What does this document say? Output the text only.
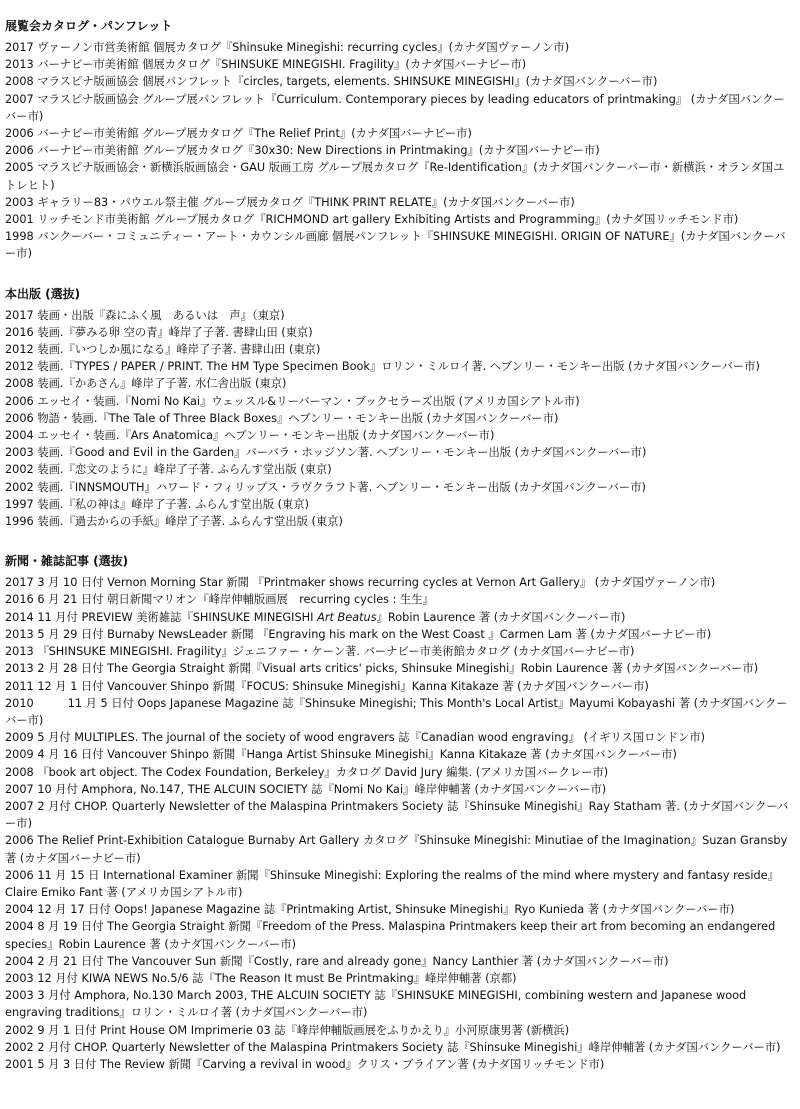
展覧会カタログ・パンフレット
2017 ヴァーノン市営美術館 個展カタログ『Shinsuke Minegishi: recurring cycles』(カナダ国ヴァーノン市)
2013 バーナビー市美術館 個展カタログ『SHINSUKE MINEGISHI. Fragility』(カナダ国バーナビー市)
2008 マラスピナ版画協会 個展パンフレット『circles, targets, elements. SHINSUKE MINEGISHI』(カナダ国バンクーバー市)
2007 マラスピナ版画協会 グループ展パンフレット『Curriculum. Contemporary pieces by leading educators of printmaking』 (カナダ国バンクーバー市)
2006 バーナビー市美術館 グループ展カタログ『The Relief Print』(カナダ国バーナビー市)
2006 バーナビー市美術館 グループ展カタログ『30x30: New Directions in Printmaking』(カナダ国バーナビー市)
2005 マラスピナ版画協会・新横浜版画協会・GAU 版画工房 グループ展カタログ『Re-Identification』(カナダ国バンクーバー市・新横浜・オランダ国ユトレヒト)
2003 ギャラリー83・パウエル祭主催 グループ展カタログ『THINK PRINT RELATE』(カナダ国バンクーバー市)
2001 リッチモンド市美術館 グループ展カタログ『RICHMOND art gallery Exhibiting Artists and Programming』(カナダ国リッチモンド市)
1998 バンクーバー・コミュニティー・アート・カウンシル画廊 個展パンフレット『SHINSUKE MINEGISHI. ORIGIN OF NATURE』(カナダ国バンクーバー市)
本出版 (選抜)
2017 装画・出版『森にふく風　あるいは　声』（東京)
2016 装画.『夢みる卵 空の青』峰岸了子著. 書肆山田 (東京)
2012 装画.『いつしか風になる』峰岸了子著. 書肆山田 (東京)
2012 装画.『TYPES / PAPER / PRINT. The HM Type Specimen Book』ロリン・ミルロイ著. ヘブンリー・モンキー出版 (カナダ国バンクーバー市)
2008 装画.『かあさん』峰岸了子著. 水仁舎出版 (東京)
2006 エッセイ・装画.『Nomi No Kai』ウェッスル&リーバーマン・ブックセラーズ出版 (アメリカ国シアトル市)
2006 物語・装画.『The Tale of Three Black Boxes』ヘブンリー・モンキー出版 (カナダ国バンクーバー市)
2004 エッセイ・装画.『Ars Anatomica』ヘブンリー・モンキー出版 (カナダ国バンクーバー市)
2003 装画.『Good and Evil in the Garden』バーバラ・ホッジソン著. ヘブンリー・モンキー出版 (カナダ国バンクーバー市)
2002 装画.『恋文のように』峰岸了子著. ふらんす堂出版 (東京)
2002 装画.『INNSMOUTH』ハワード・フィリップス・ラヴクラフト著. ヘブンリー・モンキー出版 (カナダ国バンクーバー市)
1997 装画.『私の神は』峰岸了子著. ふらんす堂出版 (東京)
1996 装画.『過去からの手紙』峰岸了子著. ふらんす堂出版 (東京)
新聞・雑誌記事 (選抜)
2017 3 月 10 日付 Vernon Morning Star 新聞 『Printmaker shows recurring cycles at Vernon Art Gallery』 (カナダ国ヴァーノン市)
2016 6 月 21 日付 朝日新聞マリオン『峰岸伸輔版画展　recurring cycles : 生生』
2014 11 月付 PREVIEW 美術雑誌『SHINSUKE MINEGISHI Art Beatus』Robin Laurence 著 (カナダ国バンクーバー市)
2013 5 月 29 日付 Burnaby NewsLeader 新聞 『Engraving his mark on the West Coast 』Carmen Lam 著 (カナダ国バーナビー市)
2013 『SHINSUKE MINEGISHI. Fragility』ジェニファー・ケーン著. バーナビー市美術館カタログ (カナダ国バーナビー市)
2013 2 月 28 日付 The Georgia Straight 新聞『Visual arts critics' picks, Shinsuke Minegishi』Robin Laurence 著 (カナダ国バンクーバー市)
2011 12 月 1 日付 Vancouver Shinpo 新聞『FOCUS: Shinsuke Minegishi』Kanna Kitakaze 著 (カナダ国バンクーバー市)
2010　　　11 月 5 日付 Oops Japanese Magazine 誌『Shinsuke Minegishi; This Month's Local Artist』Mayumi Kobayashi 著 (カナダ国バンクーバー市)
2009 5 月付 MULTIPLES. The journal of the society of wood engravers 誌『Canadian wood engraving』 (イギリス国ロンドン市)
2009 4 月 16 日付 Vancouver Shinpo 新聞『Hanga Artist Shinsuke Minegishi』Kanna Kitakaze 著 (カナダ国バンクーバー市)
2008 『book art object. The Codex Foundation, Berkeley』カタログ David Jury 編集. (アメリカ国バークレー市)
2007 10 月付 Amphora, No.147, THE ALCUIN SOCIETY 誌『Nomi No Kai』峰岸伸輔著 (カナダ国バンクーバー市)
2007 2 月付 CHOP. Quarterly Newsletter of the Malaspina Printmakers Society 誌『Shinsuke Minegishi』Ray Statham 著. (カナダ国バンクーバー市)
2006 The Relief Print-Exhibition Catalogue Burnaby Art Gallery カタログ『Shinsuke Minegishi: Minutiae of the Imagination』Suzan Gransby 著 (カナダ国バーナビー市)
2006 11 月 15 日 International Examiner 新聞『Shinsuke Minegishi: Exploring the realms of the mind where mystery and fantasy reside』Claire Emiko Fant 著 (アメリカ国シアトル市)
2004 12 月 17 日付 Oops! Japanese Magazine 誌『Printmaking Artist, Shinsuke Minegishi』Ryo Kunieda 著 (カナダ国バンクーバー市)
2004 8 月 19 日付 The Georgia Straight 新聞『Freedom of the Press. Malaspina Printmakers keep their art from becoming an endangered species』Robin Laurence 著 (カナダ国バンクーバー市)
2004 2 月 21 日付 The Vancouver Sun 新聞『Costly, rare and already gone』Nancy Lanthier 著 (カナダ国バンクーバー市)
2003 12 月付 KIWA NEWS No.5/6 誌『The Reason It must Be Printmaking』峰岸伸輔著 (京都)
2003 3 月付 Amphora, No.130 March 2003, THE ALCUIN SOCIETY 誌『SHINSUKE MINEGISHI, combining western and Japanese wood engraving traditions』ロリン・ミルロイ著 (カナダ国バンクーバー市)
2002 9 月 1 日付 Print House OM Imprimerie 03 誌『峰岸伸輔版画展をふりかえり』小河原康男著 (新横浜)
2002 2 月付 CHOP. Quarterly Newsletter of the Malaspina Printmakers Society 誌『Shinsuke Minegishi』峰岸伸輔著 (カナダ国バンクーバー市)
2001 5 月 3 日付 The Review 新聞『Carving a revival in wood』クリス・ブライアン著 (カナダ国リッチモンド市)
